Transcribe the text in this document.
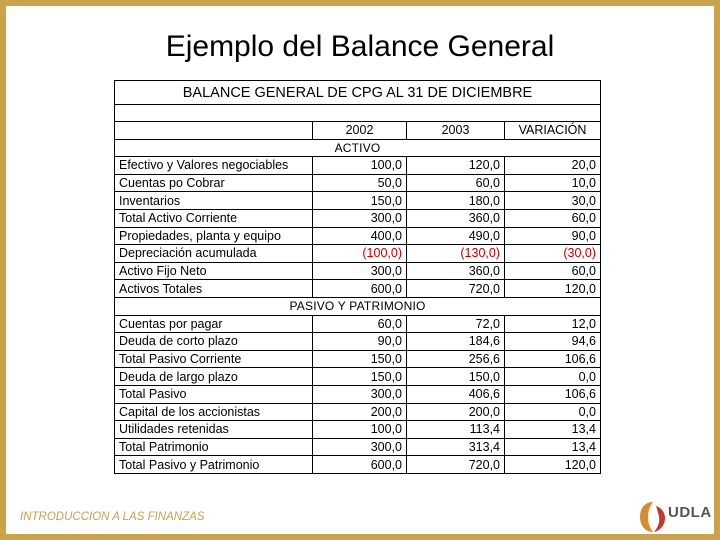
Ejemplo del Balance General
BALANCE GENERAL DE CPG AL 31 DE DICIEMBRE			

	2002	2003	VARIACIÓN
ACTIVO			
Efectivo y Valores negociables	100,0	120,0	20,0
Cuentas po Cobrar	50,0	60,0	10,0
Inventarios	150,0	180,0	30,0
Total Activo Corriente	300,0	360,0	60,0
Propiedades, planta y equipo	400,0	490,0	90,0
Depreciación acumulada	(100,0)	(130,0)	(30,0)
Activo Fijo Neto	300,0	360,0	60,0
Activos Totales	600,0	720,0	120,0
PASIVO Y PATRIMONIO			
Cuentas por pagar	60,0	72,0	12,0
Deuda de corto plazo	90,0	184,6	94,6
Total Pasivo Corriente	150,0	256,6	106,6
Deuda de largo plazo	150,0	150,0	0,0
Total Pasivo	300,0	406,6	106,6
Capital de los accionistas	200,0	200,0	0,0
Utilidades retenidas	100,0	113,4	13,4
Total Patrimonio	300,0	313,4	13,4
Total Pasivo y Patrimonio	600,0	720,0	120,0
INTRODUCCION A LAS FINANZAS	UDLA
